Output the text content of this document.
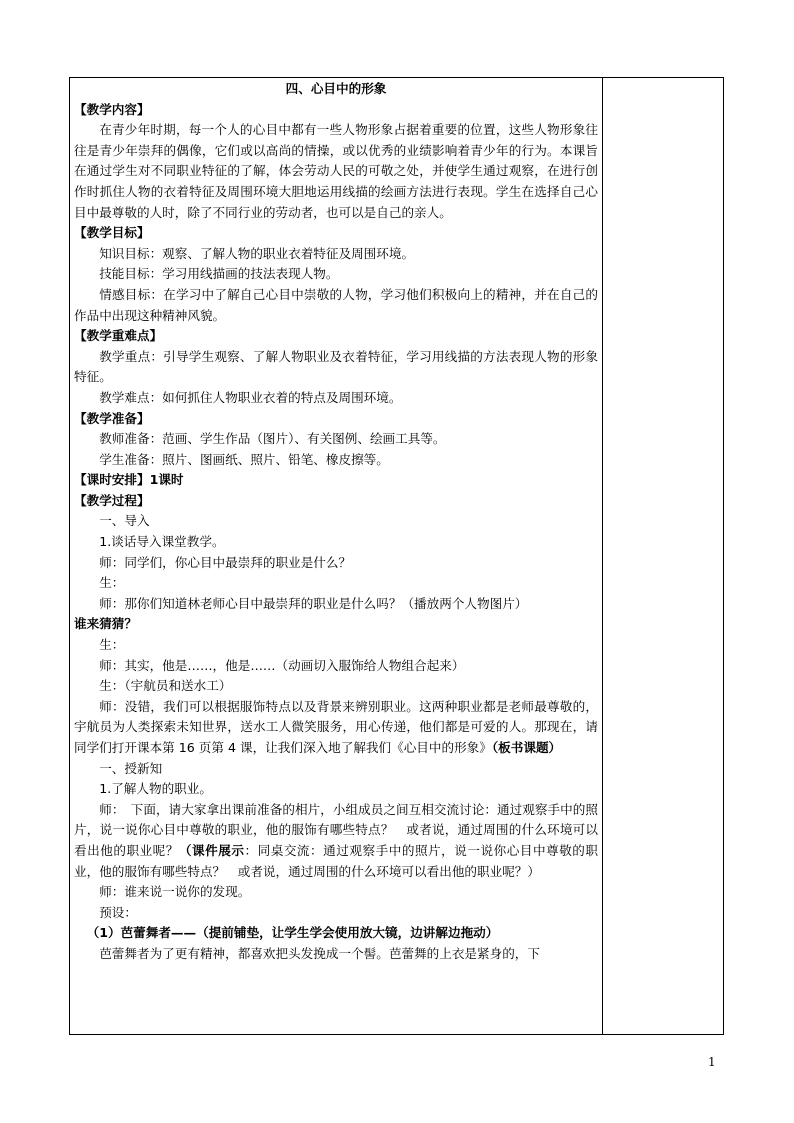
四、心目中的形象

【教学内容】

在青少年时期，每一个人的心目中都有一些人物形象占据着重要的位置，这些人物形象往往是青少年崇拜的偶像，它们或以高尚的情操，或以优秀的业绩影响着青少年的行为。本课旨在通过学生对不同职业特征的了解，体会劳动人民的可敬之处，并使学生通过观察，在进行创作时抓住人物的衣着特征及周围环境大胆地运用线描的绘画方法进行表现。学生在选择自己心目中最尊敬的人时，除了不同行业的劳动者，也可以是自己的亲人。

【教学目标】

知识目标：观察、了解人物的职业衣着特征及周围环境。

技能目标：学习用线描画的技法表现人物。

情感目标：在学习中了解自己心目中崇敬的人物，学习他们积极向上的精神，并在自己的作品中出现这种精神风貌。

【教学重难点】

教学重点：引导学生观察、了解人物职业及衣着特征，学习用线描的方法表现人物的形象特征。

教学难点：如何抓住人物职业衣着的特点及周围环境。

【教学准备】

教师准备：范画、学生作品（图片）、有关图例、绘画工具等。

学生准备：照片、图画纸、照片、铅笔、橡皮擦等。

【课时安排】1课时

【教学过程】

一、导入

1.谈话导入课堂教学。

师：同学们，你心目中最崇拜的职业是什么？

生：

师：那你们知道林老师心目中最崇拜的职业是什么吗？（播放两个人物图片）
谁来猜猜？

生：

师：其实，他是……，他是……（动画切入服饰给人物组合起来）

生：（宇航员和送水工）

师：没错，我们可以根据服饰特点以及背景来辨别职业。这两种职业都是老师最尊敬的，宇航员为人类探索未知世界，送水工人微笑服务，用心传递，他们都是可爱的人。那现在，请同学们打开课本第 16 页第 4 课，让我们深入地了解我们《心目中的形象》（板书课题）

一、授新知

1.了解人物的职业。

师：　下面，请大家拿出课前准备的相片，小组成员之间互相交流讨论：通过观察手中的照片，说一说你心目中尊敬的职业，他的服饰有哪些特点？　或者说，通过周围的什么环境可以看出他的职业呢？（课件展示：同桌交流：通过观察手中的照片，说一说你心目中尊敬的职业，他的服饰有哪些特点？　或者说，通过周围的什么环境可以看出他的职业呢？）

师：谁来说一说你的发现。

预设：

（1）芭蕾舞者——（提前铺垫，让学生学会使用放大镜，边讲解边拖动）

芭蕾舞者为了更有精神，都喜欢把头发挽成一个髻。芭蕾舞的上衣是紧身的，下

1
